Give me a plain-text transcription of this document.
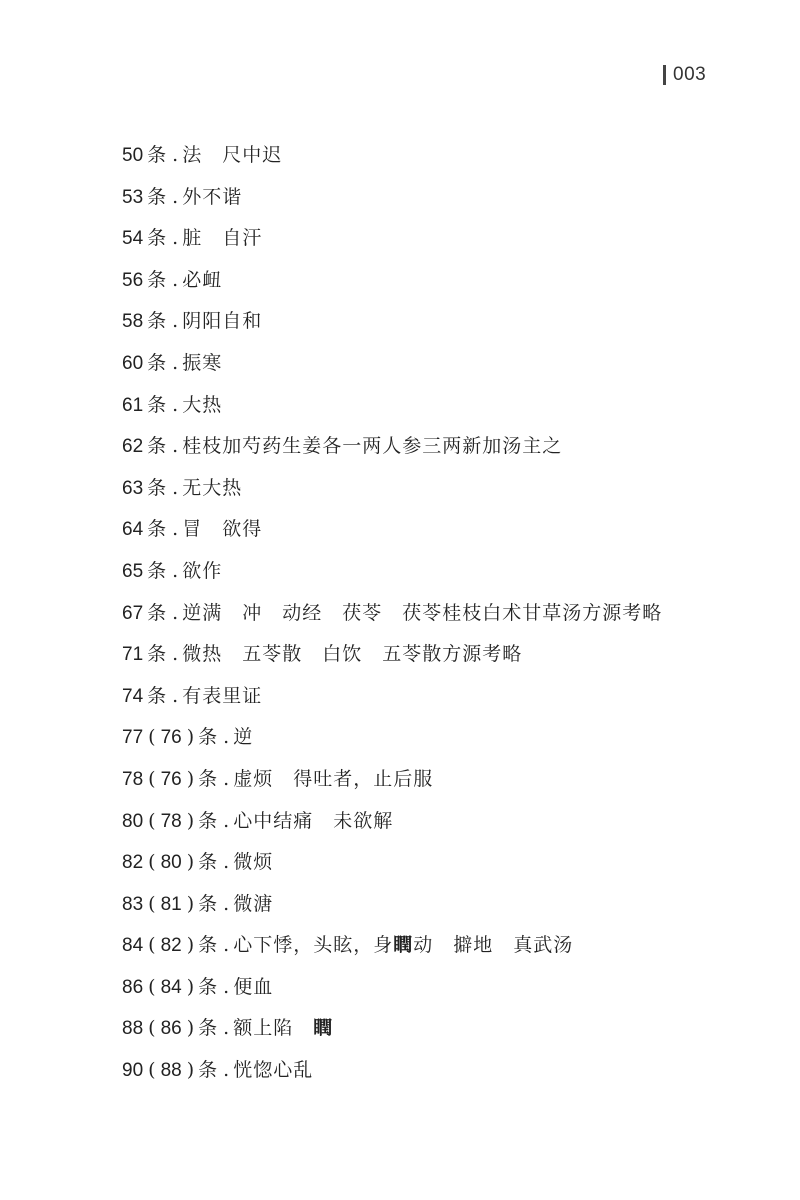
003
50 条 . 法　尺中迟
53 条 . 外不谐
54 条 . 脏　自汗
56 条 . 必衄
58 条 . 阴阳自和
60 条 . 振寒
61 条 . 大热
62 条 . 桂枝加芍药生姜各一两人参三两新加汤主之
63 条 . 无大热
64 条 . 冒　欲得
65 条 . 欲作
67 条 . 逆满　冲　动经　茯苓　茯苓桂枝白术甘草汤方源考略
71 条 . 微热　五苓散　白饮　五苓散方源考略
74 条 . 有表里证
77 ( 76 ) 条 . 逆
78 ( 76 ) 条 . 虚烦　得吐者，止后服
80 ( 78 ) 条 . 心中结痛　未欲解
82 ( 80 ) 条 . 微烦
83 ( 81 ) 条 . 微溏
84 ( 82 ) 条 . 心下悸，头眩，身瞤动　擗地　真武汤
86 ( 84 ) 条 . 便血
88 ( 86 ) 条 . 额上陷　瞤
90 ( 88 ) 条 . 恍惚心乱
